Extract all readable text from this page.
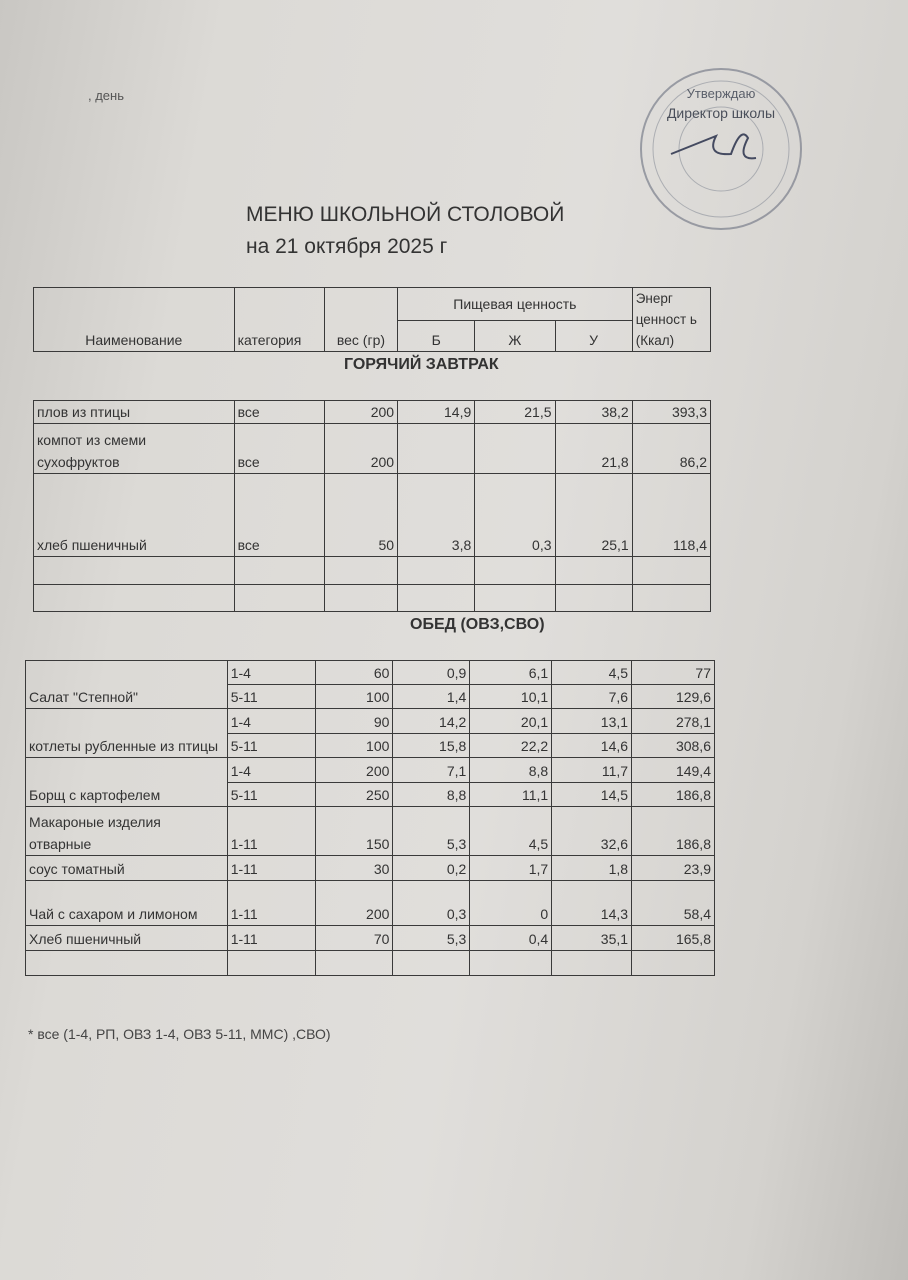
, день	Утверждаю
Директор школы
МЕНЮ ШКОЛЬНОЙ СТОЛОВОЙ
на 21 октября 2025 г
Наименование	категория	вес (гр)	Пищевая ценность			Энерг ценност ь (Ккал)
			Б	Ж	У	
ГОРЯЧИЙ ЗАВТРАК
плов из птицы	все	200	14,9	21,5	38,2	393,3
компот из смеми сухофруктов	все	200			21,8	86,2
хлеб пшеничный	все	50	3,8	0,3	25,1	118,4

ОБЕД (ОВЗ,СВО)
Салат "Степной"	1-4	60	0,9	6,1	4,5	77
	5-11	100	1,4	10,1	7,6	129,6
котлеты рубленные из птицы	1-4	90	14,2	20,1	13,1	278,1
	5-11	100	15,8	22,2	14,6	308,6
Борщ с картофелем	1-4	200	7,1	8,8	11,7	149,4
	5-11	250	8,8	11,1	14,5	186,8
Макароные изделия отварные	1-11	150	5,3	4,5	32,6	186,8
соус томатный	1-11	30	0,2	1,7	1,8	23,9
Чай с сахаром и лимоном	1-11	200	0,3	0	14,3	58,4
Хлеб пшеничный	1-11	70	5,3	0,4	35,1	165,8

* все (1-4, РП, ОВЗ 1-4, ОВЗ 5-11, ММС) ,СВО)
